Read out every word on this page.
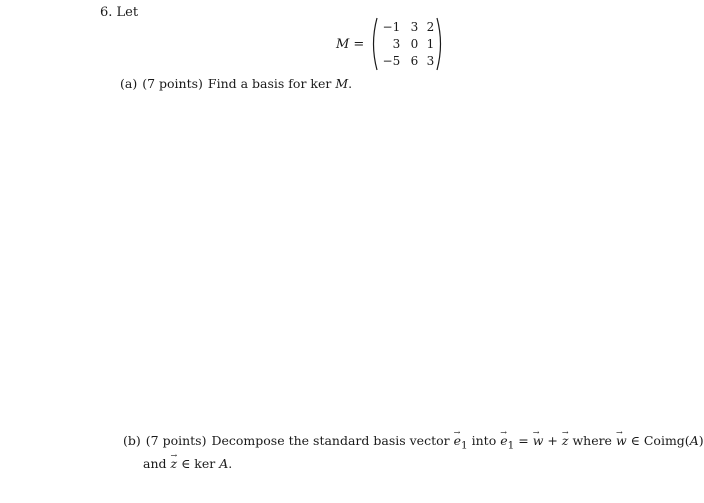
6. Let
M =
−1 3 2
3 0 1
−5 6 3
(a) (7 points) Find a basis for ker M.
(b) (7 points) Decompose the standard basis vector → $e_1$ into → $e_1$ = → w + → z where → w ∈ Coimg(A)
and → z ∈ ker A.
